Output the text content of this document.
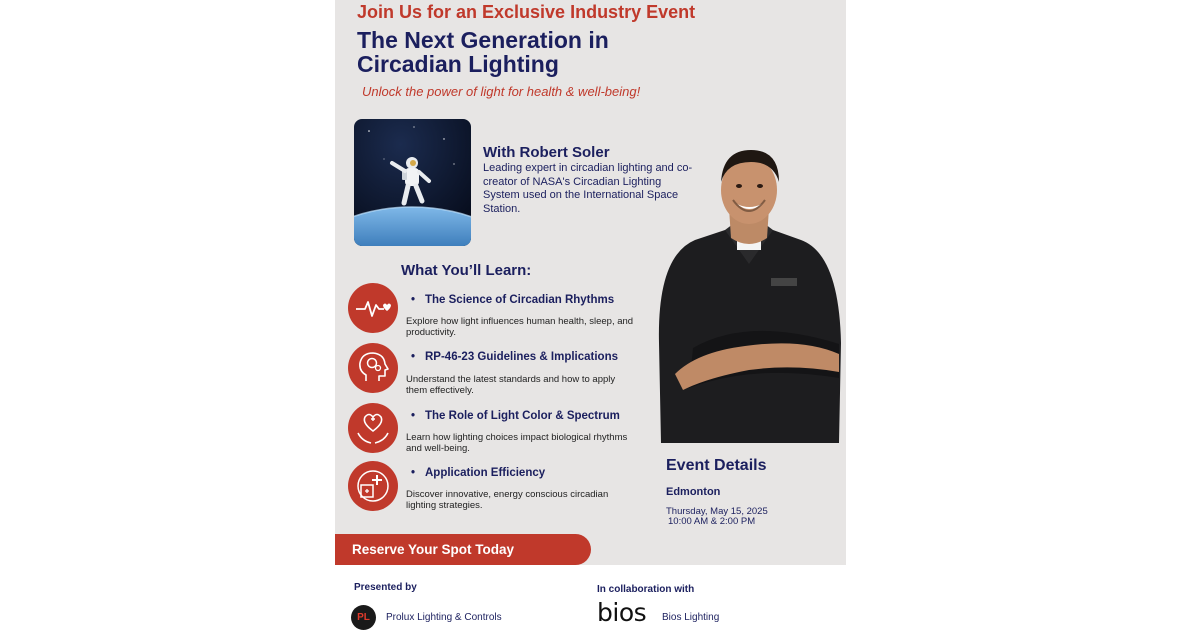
Join Us for an Exclusive Industry Event
The Next Generation in Circadian Lighting
Unlock the power of light for health & well-being!
With Robert Soler
Leading expert in circadian lighting and co-creator of NASA's Circadian Lighting System used on the International Space Station.
What You’ll Learn:
• The Science of Circadian Rhythms
Explore how light influences human health, sleep, and productivity.
• RP-46-23 Guidelines & Implications
Understand the latest standards and how to apply them effectively.
• The Role of Light Color & Spectrum
Learn how lighting choices impact biological rhythms and well-being.
• Application Efficiency
Discover innovative, energy conscious circadian lighting strategies.
Event Details
Edmonton
Thursday, May 15, 2025
10:00 AM & 2:00 PM
Reserve Your Spot Today
Presented by
PL	Prolux Lighting & Controls
In collaboration with
bios Bios Lighting
